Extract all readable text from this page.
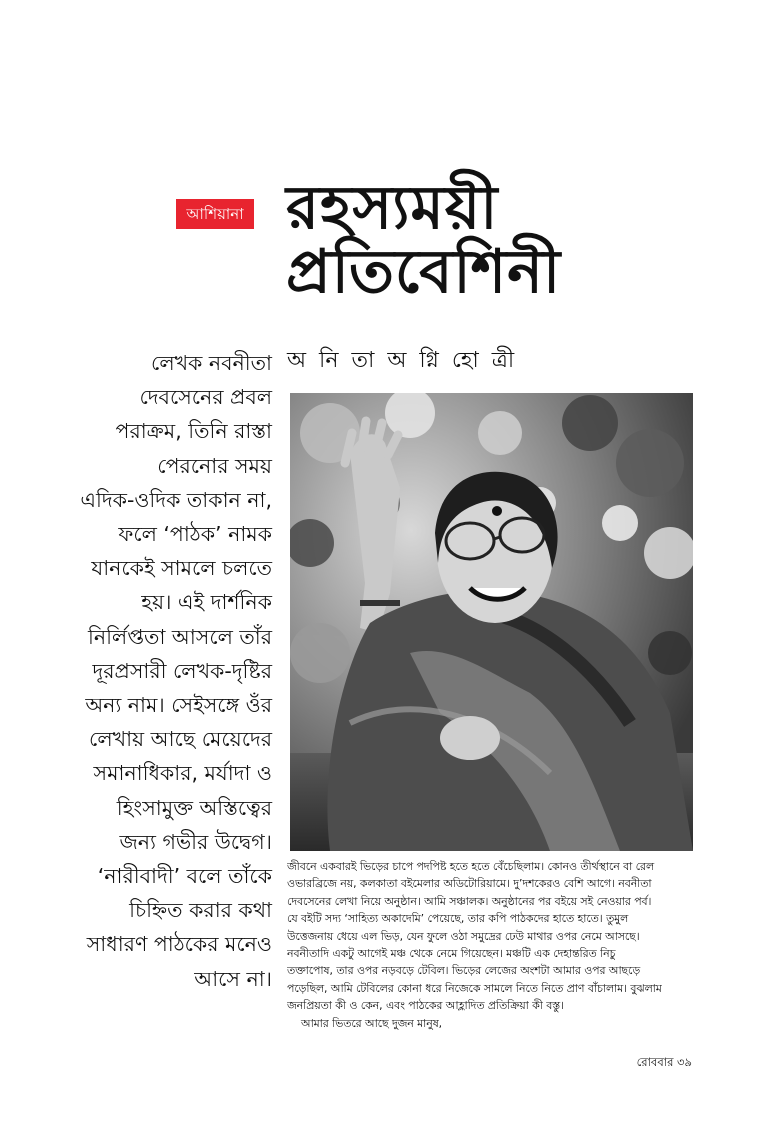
আশিয়ানা রহস্যময়ী
প্রতিবেশিনী
অ নি তা অ গ্নি হো ত্রী
লেখক নবনীতা
দেবসেনের প্রবল
পরাক্রম, তিনি রাস্তা
পেরনোর সময়
এদিক-ওদিক তাকান না,
ফলে ‘পাঠক’ নামক
যানকেই সামলে চলতে
হয়। এই দার্শনিক
নির্লিপ্ততা আসলে তাঁর
দূরপ্রসারী লেখক-দৃষ্টির
অন্য নাম। সেইসঙ্গে ওঁর
লেখায় আছে মেয়েদের
সমানাধিকার, মর্যাদা ও
হিংসামুক্ত অস্তিত্বের
জন্য গভীর উদ্বেগ।
‘নারীবাদী’ বলে তাঁকে
চিহ্নিত করার কথা
সাধারণ পাঠকের মনেও
আসে না।
জীবনে একবারই ভিড়ের চাপে পদপিষ্ট হতে হতে বেঁচেছিলাম। কোনও তীর্থস্থানে বা রেল
ওভারব্রিজে নয়, কলকাতা বইমেলার অডিটোরিয়ামে। দু’দশকেরও বেশি আগে। নবনীতা
দেবসেনের লেখা নিয়ে অনুষ্ঠান। আমি সঞ্চালক। অনুষ্ঠানের পর বইয়ে সই নেওয়ার পর্ব।
যে বইটি সদ্য ‘সাহিত্য অকাদেমি’ পেয়েছে, তার কপি পাঠকদের হাতে হাতে। তুমুল
উত্তেজনায় ধেয়ে এল ভিড়, যেন ফুলে ওঠা সমুদ্রের ঢেউ মাথার ওপর নেমে আসছে।
নবনীতাদি একটু আগেই মঞ্চ থেকে নেমে গিয়েছেন। মঞ্চটি এক দেহান্তরিত নিচু
তক্তাপোষ, তার ওপর নড়বড়ে টেবিল। ভিড়ের লেজের অংশটা আমার ওপর আছড়ে
পড়েছিল, আমি টেবিলের কোনা ধরে নিজেকে সামলে নিতে নিতে প্রাণ বাঁচালাম। বুঝলাম
জনপ্রিয়তা কী ও কেন, এবং পাঠকের আহ্লাদিত প্রতিক্রিয়া কী বস্তু।
আমার ভিতরে আছে দুজন মানুষ,
রোববার ৩৯
